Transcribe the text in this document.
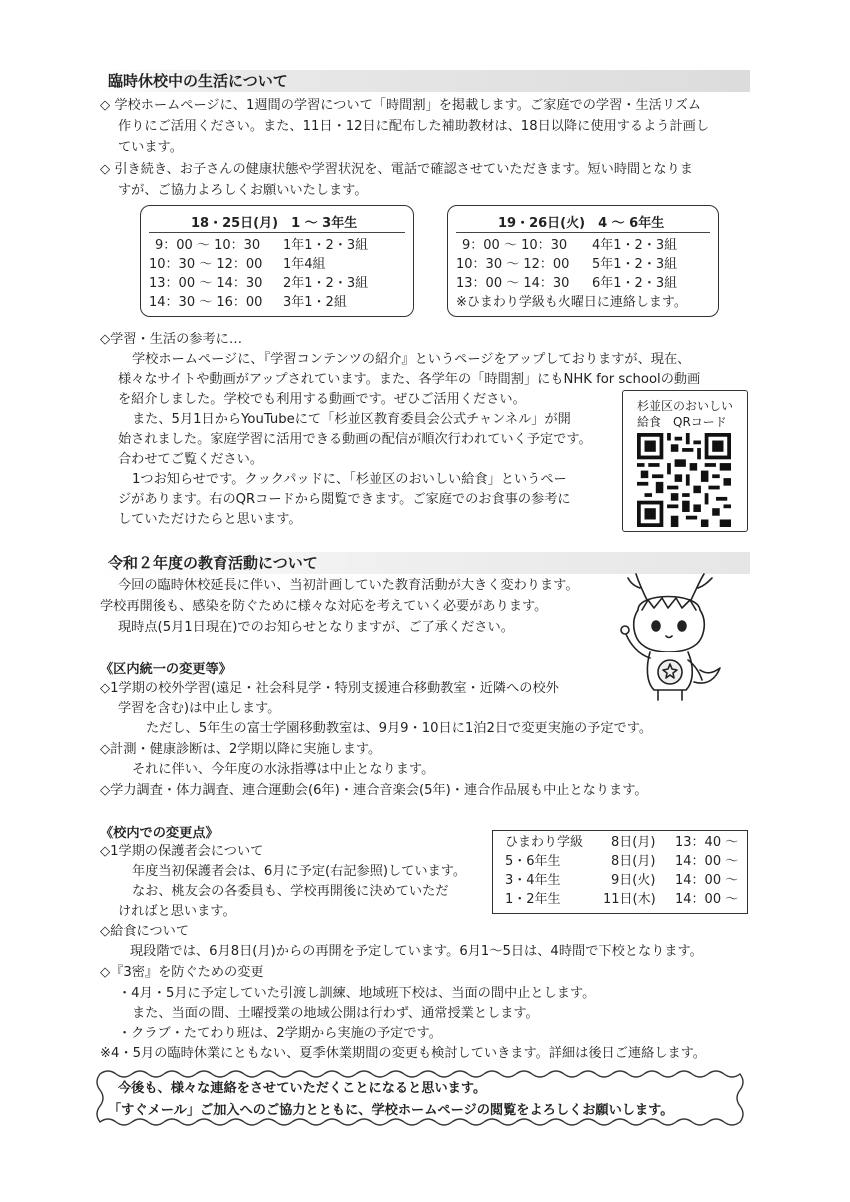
臨時休校中の生活について
◇ 学校ホームページに、1週間の学習について「時間割」を掲載します。ご家庭での学習・生活リズム
作りにご活用ください。また、11日・12日に配布した補助教材は、18日以降に使用するよう計画し
ています。
◇ 引き続き、お子さんの健康状態や学習状況を、電話で確認させていただきます。短い時間となりま
すが、ご協力よろしくお願いいたします。
18・25日(月)　1 〜 3年生
9：00 〜 10：30 1年1・2・3組
10：30 〜 12：00 1年4組
13：00 〜 14：30 2年1・2・3組
14：30 〜 16：00 3年1・2組
19・26日(火)　4 〜 6年生
9：00 〜 10：30 4年1・2・3組
10：30 〜 12：00 5年1・2・3組
13：00 〜 14：30 6年1・2・3組
※ひまわり学級も火曜日に連絡します。
◇学習・生活の参考に…
学校ホームページに、『学習コンテンツの紹介』というページをアップしておりますが、現在、
様々なサイトや動画がアップされています。また、各学年の「時間割」にもNHK for schoolの動画
を紹介しました。学校でも利用する動画です。ぜひご活用ください。
また、5月1日からYouTubeにて「杉並区教育委員会公式チャンネル」が開
始されました。家庭学習に活用できる動画の配信が順次行われていく予定です。
合わせてご覧ください。
1つお知らせです。クックパッドに、「杉並区のおいしい給食」というペー
ジがあります。右のQRコードから閲覧できます。ご家庭でのお食事の参考に
していただけたらと思います。
杉並区のおいしい
給食　QRコード
令和２年度の教育活動について
今回の臨時休校延長に伴い、当初計画していた教育活動が大きく変わります。
学校再開後も、感染を防ぐために様々な対応を考えていく必要があります。
現時点(5月1日現在)でのお知らせとなりますが、ご了承ください。
《区内統一の変更等》
◇1学期の校外学習(遠足・社会科見学・特別支援連合移動教室・近隣への校外
学習を含む)は中止します。
ただし、5年生の富士学園移動教室は、9月9・10日に1泊2日で変更実施の予定です。
◇計測・健康診断は、2学期以降に実施します。
それに伴い、今年度の水泳指導は中止となります。
◇学力調査・体力調査、連合運動会(6年)・連合音楽会(5年)・連合作品展も中止となります。
《校内での変更点》
◇1学期の保護者会について
年度当初保護者会は、6月に予定(右記参照)しています。
なお、桃友会の各委員も、学校再開後に決めていただ
ければと思います。
◇給食について
現段階では、6月8日(月)からの再開を予定しています。6月1〜5日は、4時間で下校となります。
◇『3密』を防ぐための変更
・4月・5月に予定していた引渡し訓練、地域班下校は、当面の間中止とします。
また、当面の間、土曜授業の地域公開は行わず、通常授業とします。
・クラブ・たてわり班は、2学期から実施の予定です。
※4・5月の臨時休業にともない、夏季休業期間の変更も検討していきます。詳細は後日ご連絡します。
ひまわり学級 8日(月) 13：40 〜
5・6年生	8日(月) 14：00 〜
3・4年生	9日(火) 14：00 〜
1・2年生	11日(木) 14：00 〜
今後も、様々な連絡をさせていただくことになると思います。
「すぐメール」ご加入へのご協力とともに、学校ホームページの閲覧をよろしくお願いします。
